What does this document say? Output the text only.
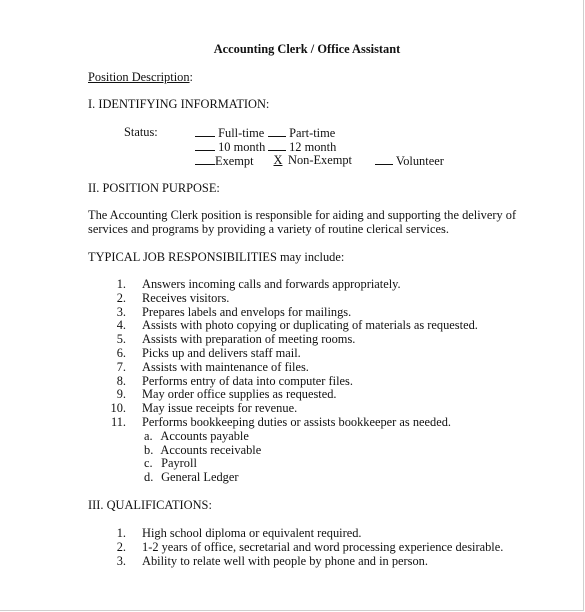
Accounting Clerk / Office Assistant
Position Description:
I. IDENTIFYING INFORMATION:
Status:	Full-time	Part-time
10 month	12 month
Exempt	X Non-Exempt	Volunteer
II. POSITION PURPOSE:
The Accounting Clerk position is responsible for aiding and supporting the delivery of
services and programs by providing a variety of routine clerical services.
TYPICAL JOB RESPONSIBILITIES may include:
1. Answers incoming calls and forwards appropriately.
2. Receives visitors.
3. Prepares labels and envelops for mailings.
4. Assists with photo copying or duplicating of materials as requested.
5. Assists with preparation of meeting rooms.
6. Picks up and delivers staff mail.
7. Assists with maintenance of files.
8. Performs entry of data into computer files.
9. May order office supplies as requested.
10. May issue receipts for revenue.
11. Performs bookkeeping duties or assists bookkeeper as needed.
a. Accounts payable
b. Accounts receivable
c. Payroll
d. General Ledger
III. QUALIFICATIONS:
1. High school diploma or equivalent required.
2. 1-2 years of office, secretarial and word processing experience desirable.
3. Ability to relate well with people by phone and in person.
